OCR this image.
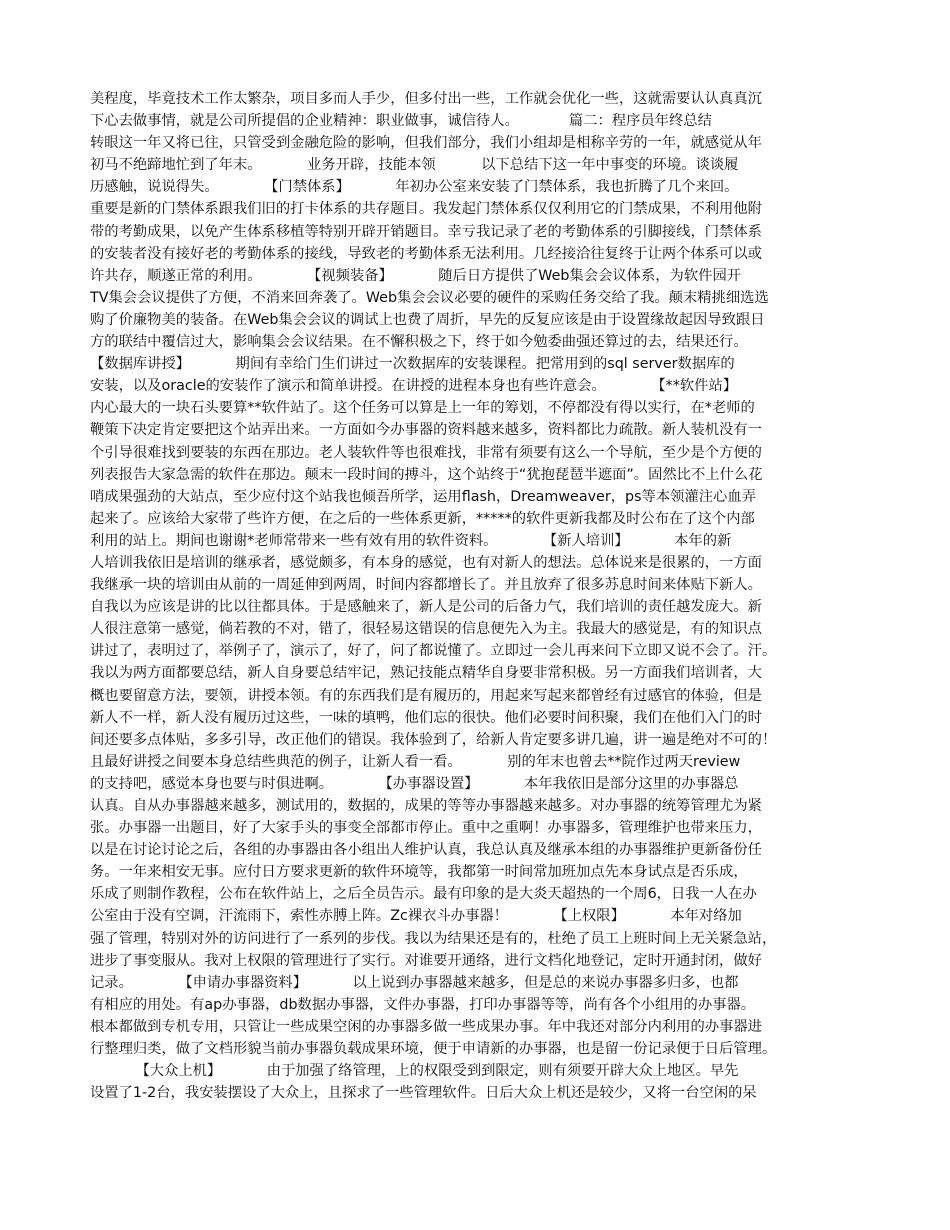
美程度，毕竟技术工作太繁杂，项目多而人手少，但多付出一些，工作就会优化一些，这就需要认认真真沉
下心去做事情，就是公司所提倡的企业精神：职业做事，诚信待人。           篇二：程序员年终总结
转眼这一年又将已往，只管受到金融危险的影响，但我们部分，我们小组却是相称辛劳的一年，就感觉从年
初马不绝蹄地忙到了年末。          业务开辟，技能本领          以下总结下这一年中事变的环境。谈谈履
历感触，说说得失。          【门禁体系】          年初办公室来安装了门禁体系，我也折腾了几个来回。
重要是新的门禁体系跟我们旧的打卡体系的共存题目。我发起门禁体系仅仅利用它的门禁成果，不利用他附
带的考勤成果，以免产生体系移植等特别开辟开销题目。幸亏我记录了老的考勤体系的引脚接线，门禁体系
的安装者没有接好老的考勤体系的接线，导致老的考勤体系无法利用。几经接洽往复终于让两个体系可以或
许共存，顺遂正常的利用。          【视频装备】          随后日方提供了Web集会会议体系，为软件园开
TV集会会议提供了方便，不消来回奔袭了。Web集会会议必要的硬件的采购任务交给了我。颠末精挑细选选
购了价廉物美的装备。在Web集会会议的调试上也费了周折，早先的反复应该是由于设置缘故起因导致跟日
方的联结中覆信过大，影响集会会议结果。在不懈积极之下，终于如今勉委曲强还算过的去，结果还行。
【数据库讲授】          期间有幸给门生们讲过一次数据库的安装课程。把常用到的sql server数据库的
安装，以及oracle的安装作了演示和简单讲授。在讲授的进程本身也有些许意会。          【**软件站】
内心最大的一块石头要算**软件站了。这个任务可以算是上一年的筹划，不停都没有得以实行，在*老师的
鞭策下决定肯定要把这个站弄出来。一方面如今办事器的资料越来越多，资料都比力疏散。新人装机没有一
个引导很难找到要装的东西在那边。老人装软件等也很难找，非常有须要有这么一个导航，至少是个方便的
列表报告大家急需的软件在那边。颠末一段时间的搏斗，这个站终于“犹抱琵琶半遮面”。固然比不上什么花
哨成果强劲的大站点，至少应付这个站我也倾吾所学，运用flash，Dreamweaver，ps等本领灌注心血弄
起来了。应该给大家带了些许方便，在之后的一些体系更新，*****的软件更新我都及时公布在了这个内部
利用的站上。期间也谢谢*老师常带来一些有效有用的软件资料。          【新人培训】          本年的新
人培训我依旧是培训的继承者，感觉颇多，有本身的感觉，也有对新人的想法。总体说来是很累的，一方面
我继承一块的培训由从前的一周延伸到两周，时间内容都增长了。并且放弃了很多苏息时间来体贴下新人。
自我以为应该是讲的比以往都具体。于是感触来了，新人是公司的后备力气，我们培训的责任越发庞大。新
人很注意第一感觉，倘若教的不对，错了，很轻易这错误的信息便先入为主。我最大的感觉是，有的知识点
讲过了，表明过了，举例子了，演示了，好了，问了都说懂了。立即过一会儿再来问下立即又说不会了。汗。
我以为两方面都要总结，新人自身要总结牢记，熟记技能点精华自身要非常积极。另一方面我们培训者，大
概也要留意方法，要领，讲授本领。有的东西我们是有履历的，用起来写起来都曾经有过感官的体验，但是
新人不一样，新人没有履历过这些，一味的填鸭，他们忘的很快。他们必要时间积聚，我们在他们入门的时
间还要多点体贴，多多引导，改正他们的错误。我体验到了，给新人肯定要多讲几遍，讲一遍是绝对不可的！
且最好讲授之间要本身总结些典范的例子，让新人看一看。          别的年末也曾去**院作过两天review
的支持吧，感觉本身也要与时俱进啊。          【办事器设置】          本年我依旧是部分这里的办事器总
认真。自从办事器越来越多，测试用的，数据的，成果的等等办事器越来越多。对办事器的统筹管理尤为紧
张。办事器一出题目，好了大家手头的事变全部都市停止。重中之重啊！办事器多，管理维护也带来压力，
以是在讨论讨论之后，各组的办事器由各小组出人维护认真，我总认真及继承本组的办事器维护更新备份任
务。一年来相安无事。应付日方要求更新的软件环境等，我都第一时间常加班加点先本身试点是否乐成，
乐成了则制作教程，公布在软件站上，之后全员告示。最有印象的是大炎天超热的一个周6，日我一人在办
公室由于没有空调，汗流雨下，索性赤膊上阵。Zc裸衣斗办事器！          【上权限】          本年对络加
强了管理，特别对外的访问进行了一系列的步伐。我以为结果还是有的，杜绝了员工上班时间上无关紧急站，
进步了事变服从。我对上权限的管理进行了实行。对谁要开通络，进行文档化地登记，定时开通封闭，做好
记录。          【申请办事器资料】          以上说到办事器越来越多，但是总的来说办事器多归多，也都
有相应的用处。有ap办事器，db数据办事器，文件办事器，打印办事器等等，尚有各个小组用的办事器。
根本都做到专机专用，只管让一些成果空闲的办事器多做一些成果办事。年中我还对部分内利用的办事器进
行整理归类，做了文档形貌当前办事器负载成果环境，便于申请新的办事器，也是留一份记录便于日后管理。
【大众上机】          由于加强了络管理，上的权限受到到限定，则有须要开辟大众上地区。早先
设置了1-2台，我安装摆设了大众上，且探求了一些管理软件。日后大众上机还是较少，又将一台空闲的呆
